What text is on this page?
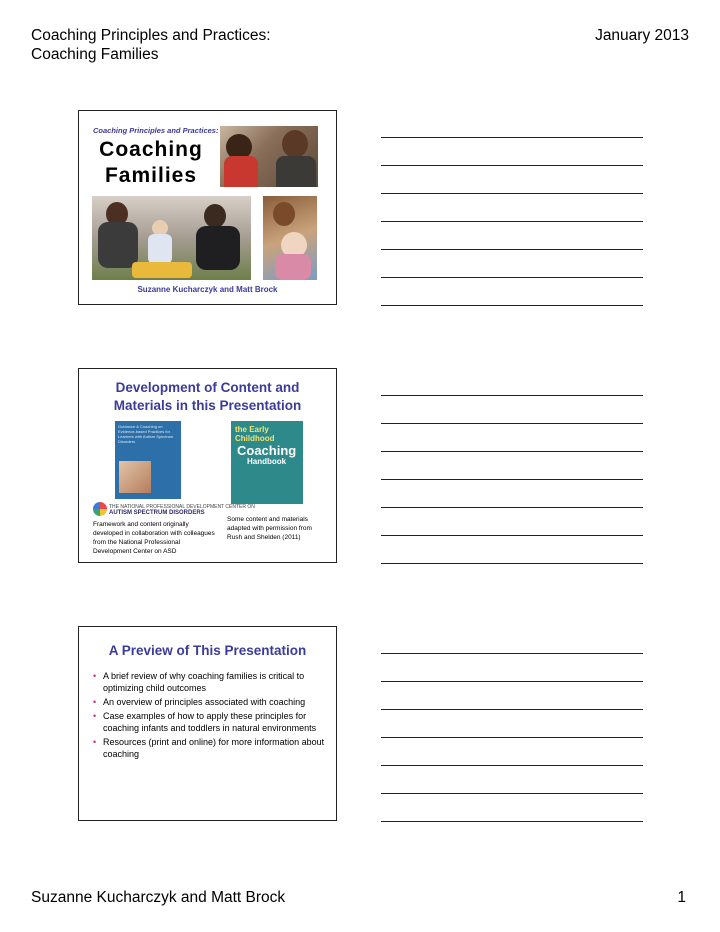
Coaching Principles and Practices:
Coaching Families
January 2013
Coaching Principles and Practices:
Coaching
Families
Suzanne Kucharczyk and Matt Brock
Development of Content and
Materials in this Presentation
Guidance & Coaching on Evidence-based Practices for Learners with Autism Spectrum Disorders
the Early Childhood
Coaching
Handbook
THE NATIONAL PROFESSIONAL DEVELOPMENT CENTER ON
AUTISM SPECTRUM DISORDERS
Framework and content originally developed in collaboration with colleagues from the National Professional Development Center on ASD
Some content and materials adapted with permission from Rush and Shelden (2011)
A Preview of This Presentation
• A brief review of why coaching families is critical to optimizing child outcomes
• An overview of principles associated with coaching
• Case examples of how to apply these principles for coaching infants and toddlers in natural environments
• Resources (print and online) for more information about coaching
Suzanne Kucharczyk and Matt Brock	1
